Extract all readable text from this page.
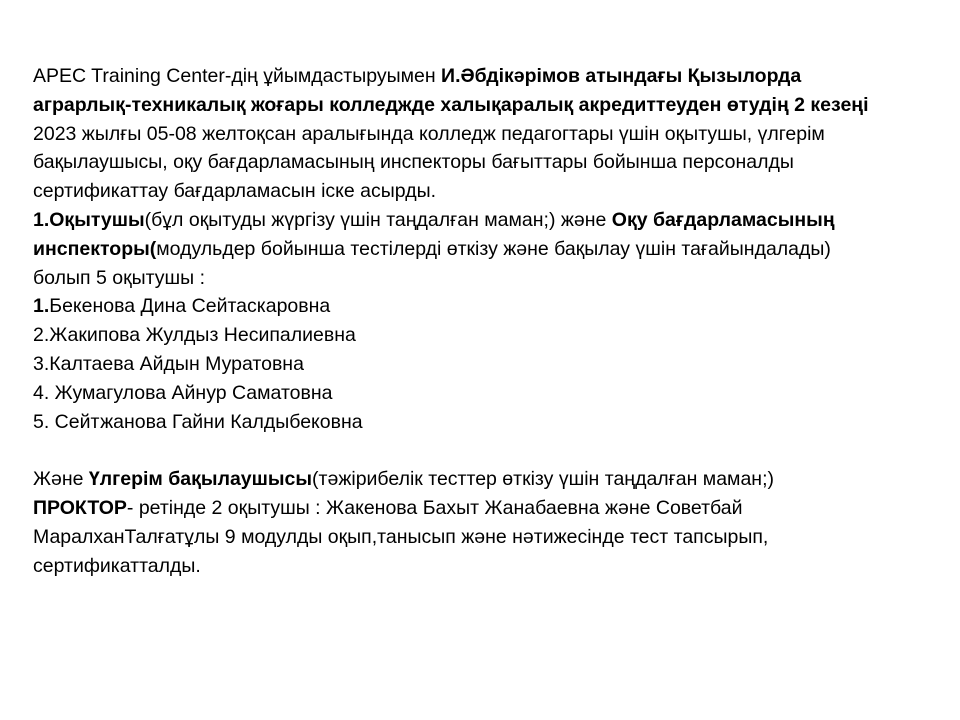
APEC Training Center-дің ұйымдастыруымен И.Әбдікәрімов атындағы Қызылорда
аграрлық-техникалық жоғары колледжде халықаралық акредиттеуден өтудің 2 кезеңі
2023 жылғы 05-08 желтоқсан аралығында колледж педагогтары үшін оқытушы, үлгерім
бақылаушысы, оқу бағдарламасының инспекторы бағыттары бойынша персоналды
сертификаттау бағдарламасын іске асырды.
1.Оқытушы(бұл оқытуды жүргізу үшін таңдалған маман;) және Оқу бағдарламасының
инспекторы(модульдер бойынша тестілерді өткізу және бақылау үшін тағайындалады)
болып 5 оқытушы :
1.Бекенова Дина Сейтаскаровна
2.Жакипова Жулдыз Несипалиевна
3.Калтаева Айдын Муратовна
4. Жумагулова Айнур Саматовна
5. Сейтжанова Гайни Калдыбековна
Және Үлгерім бақылаушысы(тәжірибелік тесттер өткізу үшін таңдалған маман;)
ПРОКТОР- ретінде 2 оқытушы : Жакенова Бахыт Жанабаевна және Советбай
МаралханТалғатұлы 9 модулды оқып,танысып және нәтижесінде тест тапсырып,
сертификатталды.
